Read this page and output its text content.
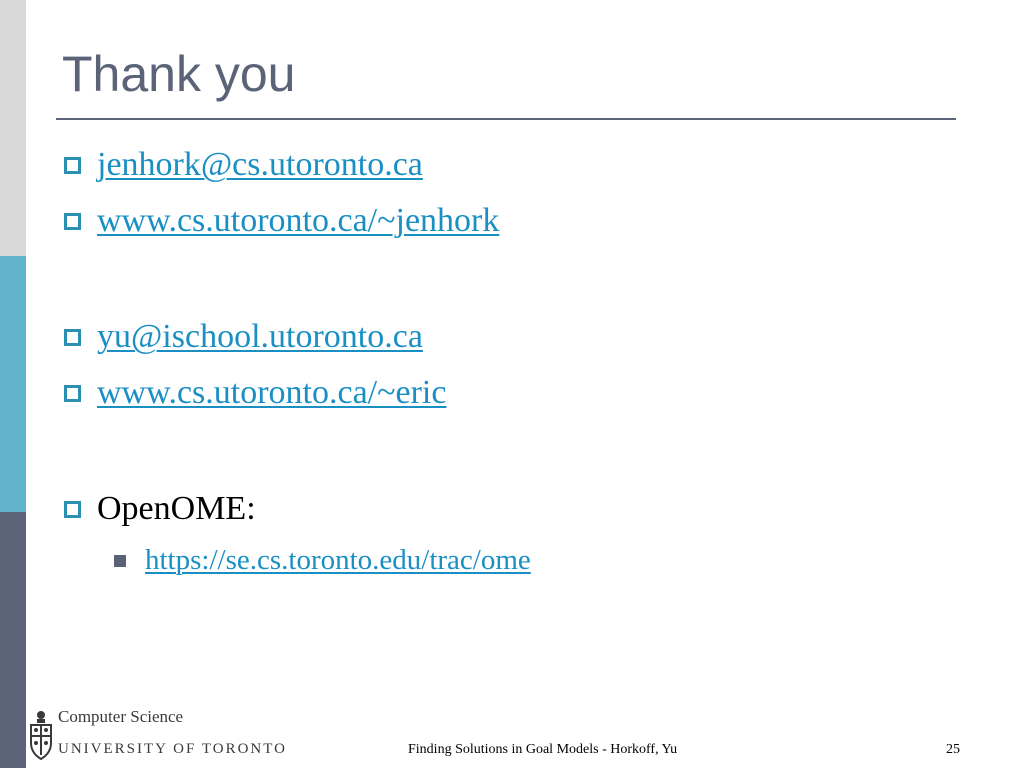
Thank you
jenhork@cs.utoronto.ca
www.cs.utoronto.ca/~jenhork
yu@ischool.utoronto.ca
www.cs.utoronto.ca/~eric
OpenOME:
https://se.cs.toronto.edu/trac/ome
Computer Science
UNIVERSITY OF TORONTO	Finding Solutions in Goal Models - Horkoff, Yu	25
